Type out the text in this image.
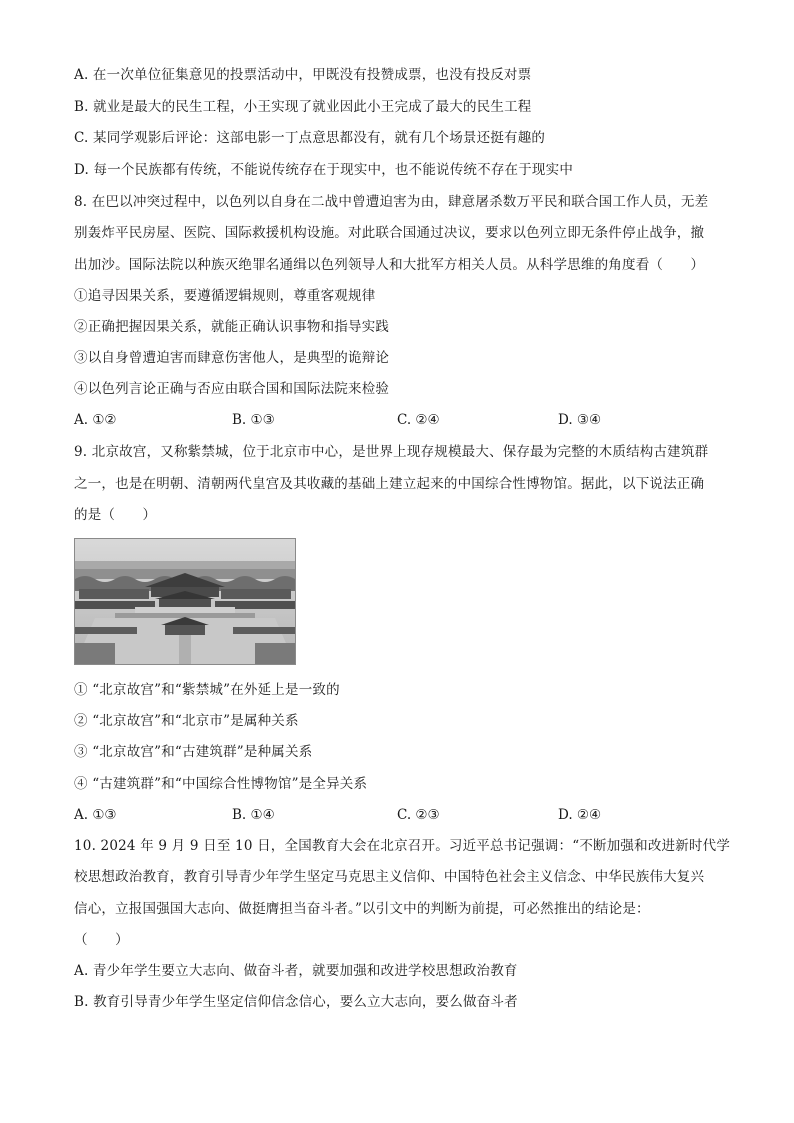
A. 在一次单位征集意见的投票活动中，甲既没有投赞成票，也没有投反对票
B. 就业是最大的民生工程，小王实现了就业因此小王完成了最大的民生工程
C. 某同学观影后评论：这部电影一丁点意思都没有，就有几个场景还挺有趣的
D. 每一个民族都有传统，不能说传统存在于现实中，也不能说传统不存在于现实中
8. 在巴以冲突过程中，以色列以自身在二战中曾遭迫害为由，肆意屠杀数万平民和联合国工作人员，无差
别轰炸平民房屋、医院、国际救援机构设施。对此联合国通过决议，要求以色列立即无条件停止战争，撤
出加沙。国际法院以种族灭绝罪名通缉以色列领导人和大批军方相关人员。从科学思维的角度看（　　）
①追寻因果关系，要遵循逻辑规则，尊重客观规律
②正确把握因果关系，就能正确认识事物和指导实践
③以自身曾遭迫害而肆意伤害他人，是典型的诡辩论
④以色列言论正确与否应由联合国和国际法院来检验
A. ①②	B. ①③	C. ②④	D. ③④
9. 北京故宫，又称紫禁城，位于北京市中心，是世界上现存规模最大、保存最为完整的木质结构古建筑群
之一，也是在明朝、清朝两代皇宫及其收藏的基础上建立起来的中国综合性博物馆。据此，以下说法正确
的是（　　）
① “北京故宫”和“紫禁城”在外延上是一致的
② “北京故宫”和“北京市”是属种关系
③ “北京故宫”和“古建筑群”是种属关系
④ “古建筑群”和“中国综合性博物馆”是全异关系
A. ①③	B. ①④	C. ②③	D. ②④
10. 2024 年 9 月 9 日至 10 日，全国教育大会在北京召开。习近平总书记强调：“不断加强和改进新时代学
校思想政治教育，教育引导青少年学生坚定马克思主义信仰、中国特色社会主义信念、中华民族伟大复兴
信心，立报国强国大志向、做挺膺担当奋斗者。”以引文中的判断为前提，可必然推出的结论是：
（　　）
A. 青少年学生要立大志向、做奋斗者，就要加强和改进学校思想政治教育
B. 教育引导青少年学生坚定信仰信念信心，要么立大志向，要么做奋斗者
